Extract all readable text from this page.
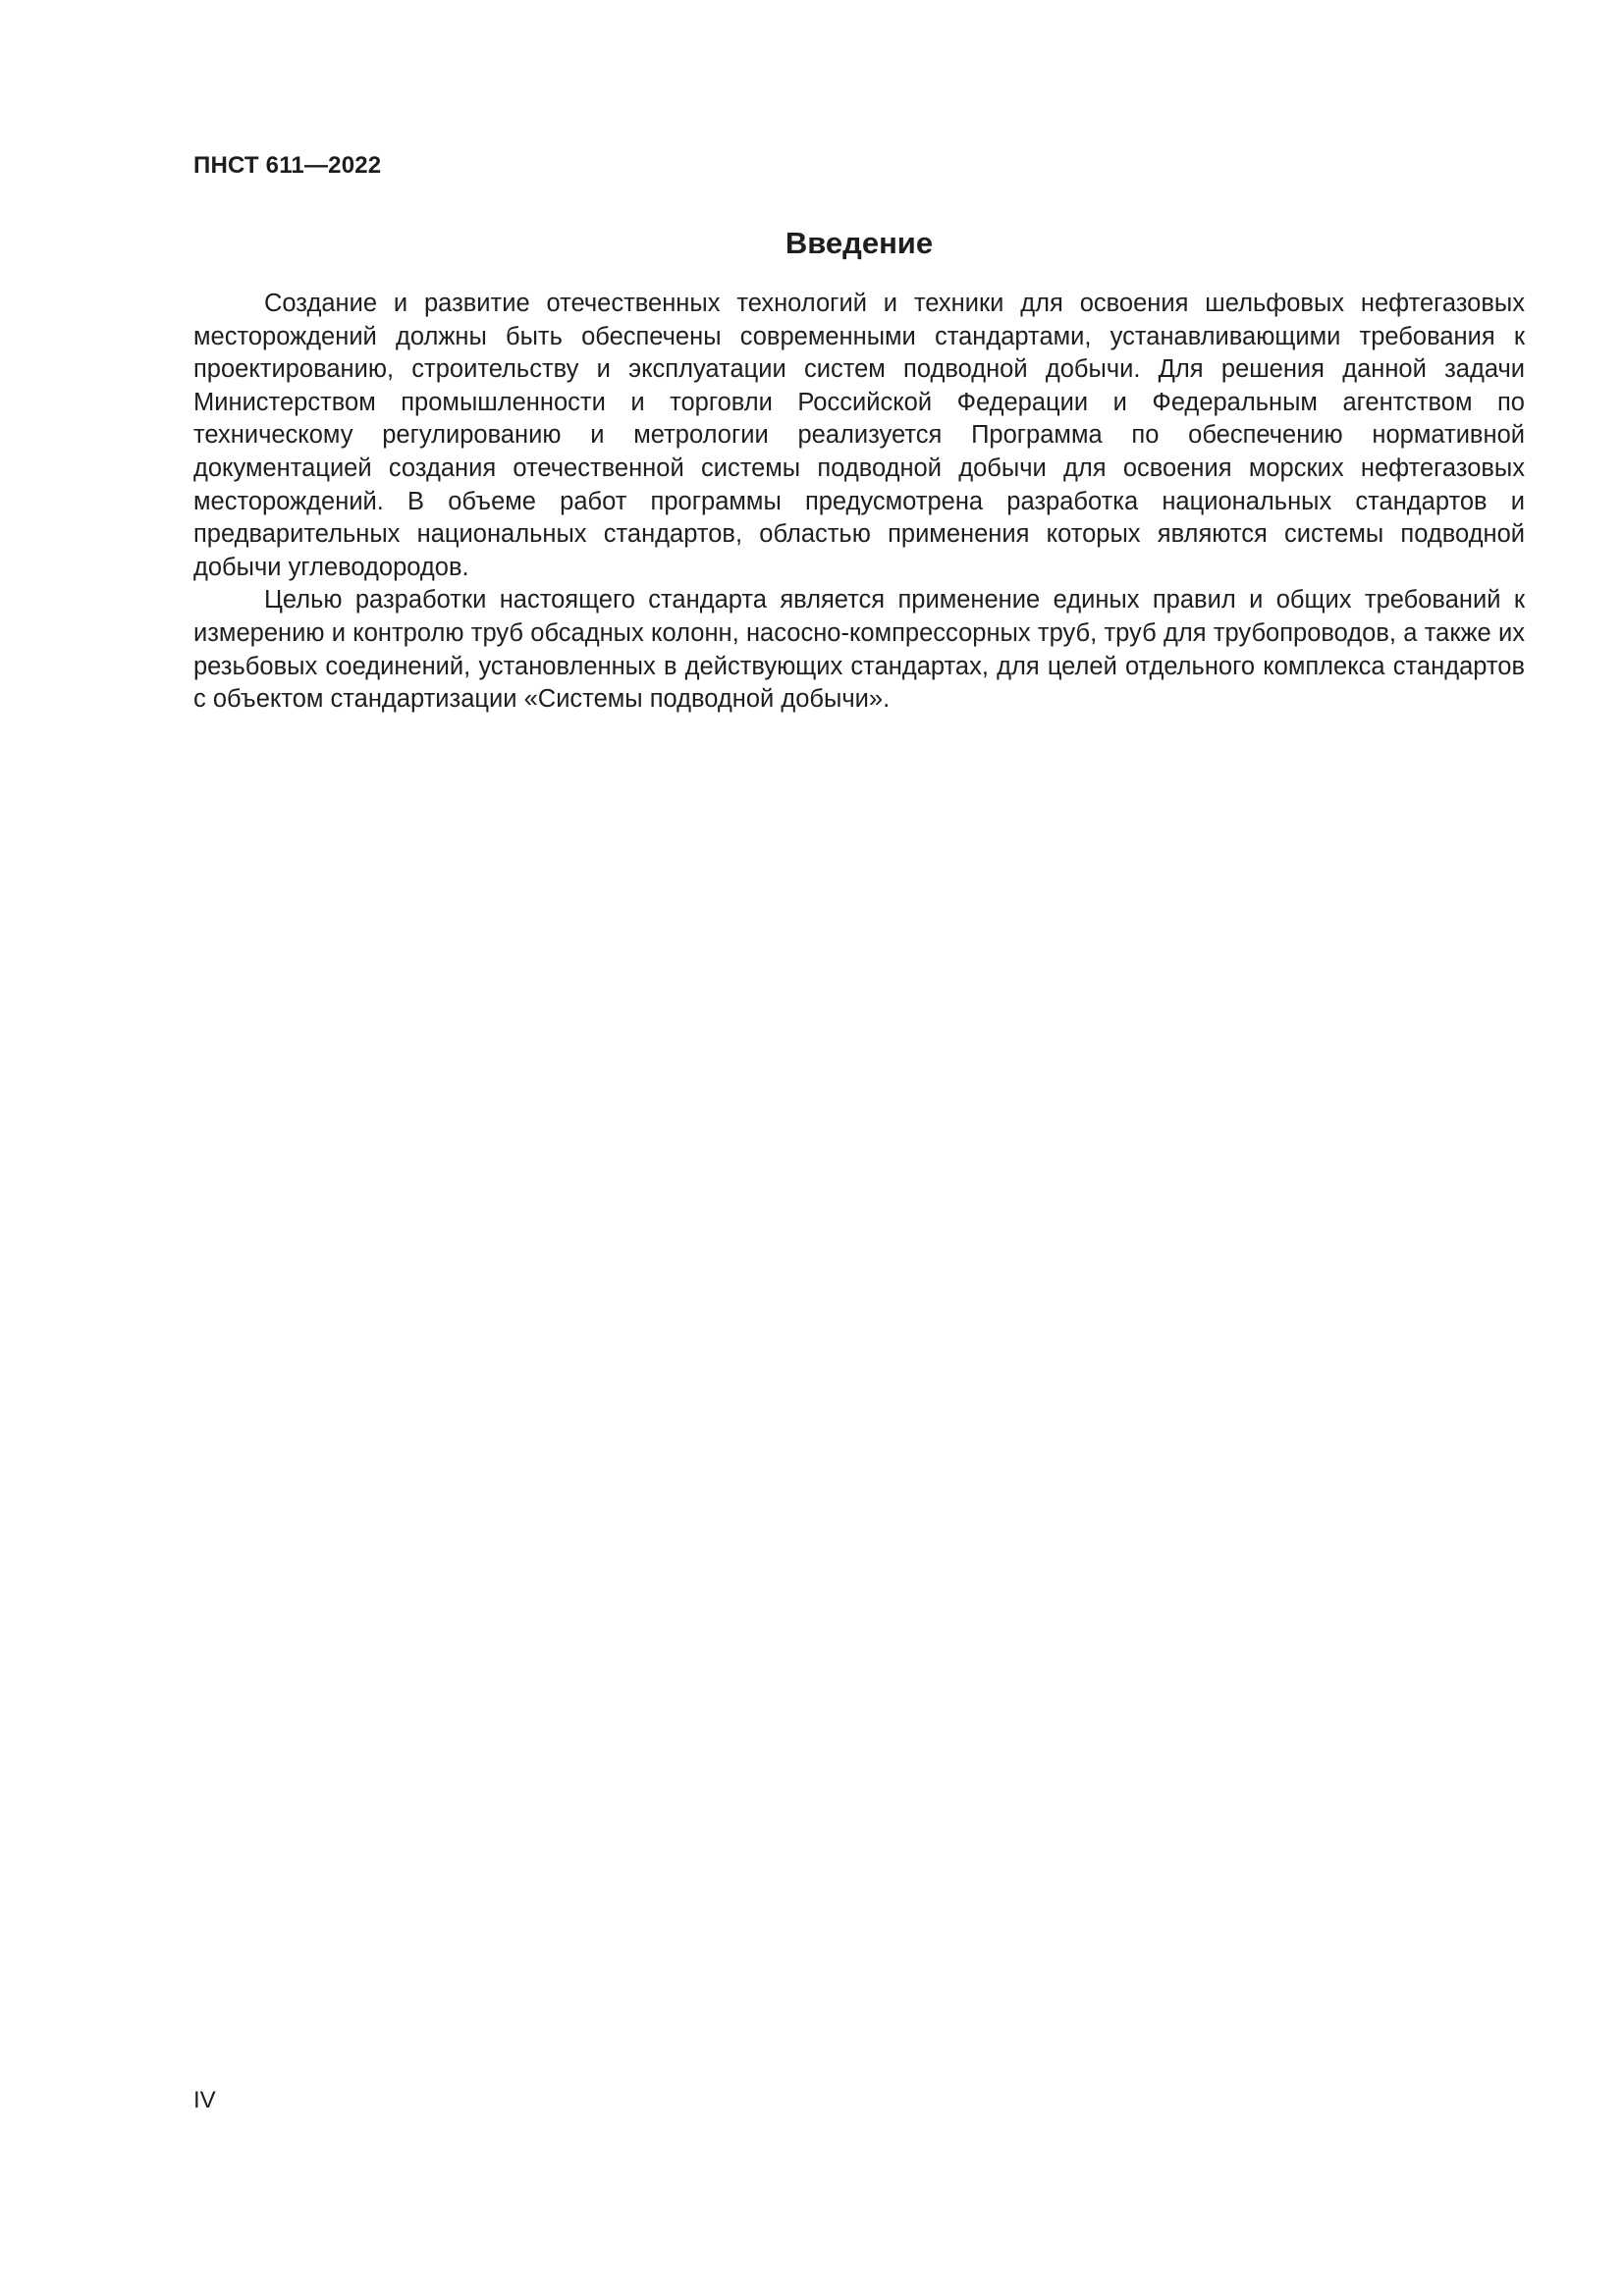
ПНСТ 611—2022
Введение

Создание и развитие отечественных технологий и техники для освоения шельфовых нефтегазовых месторождений должны быть обеспечены современными стандартами, устанавливающими требования к проектированию, строительству и эксплуатации систем подводной добычи. Для решения данной задачи Министерством промышленности и торговли Российской Федерации и Федеральным агентством по техническому регулированию и метрологии реализуется Программа по обеспечению нормативной документацией создания отечественной системы подводной добычи для освоения морских нефтегазовых месторождений. В объеме работ программы предусмотрена разработка национальных стандартов и предварительных национальных стандартов, областью применения которых являются системы подводной добычи углеводородов.

Целью разработки настоящего стандарта является применение единых правил и общих требований к измерению и контролю труб обсадных колонн, насосно-компрессорных труб, труб для трубопроводов, а также их резьбовых соединений, установленных в действующих стандартах, для целей отдельного комплекса стандартов с объектом стандартизации «Системы подводной добычи».

IV
